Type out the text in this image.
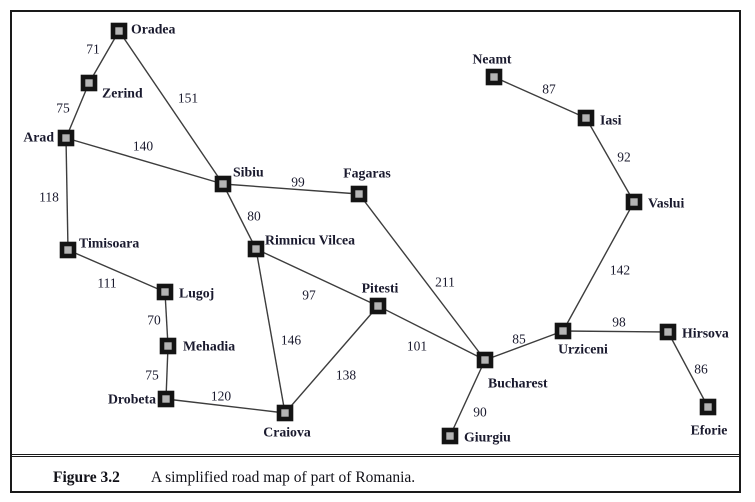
71
75
151
140
118
111
70
75
120
99
80
97
146
138
211
101
90
85
142
98
86
92
87
Oradea
Zerind
Arad
Timisoara
Lugoj
Mehadia
Drobeta
Craiova
Sibiu	Fagaras
Rimnicu Vilcea
Pitesti
Bucharest
Giurgiu
Urziceni
Hirsova
Eforie
Neamt
Iasi
Vaslui
Figure 3.2 A simplified road map of part of Romania.
